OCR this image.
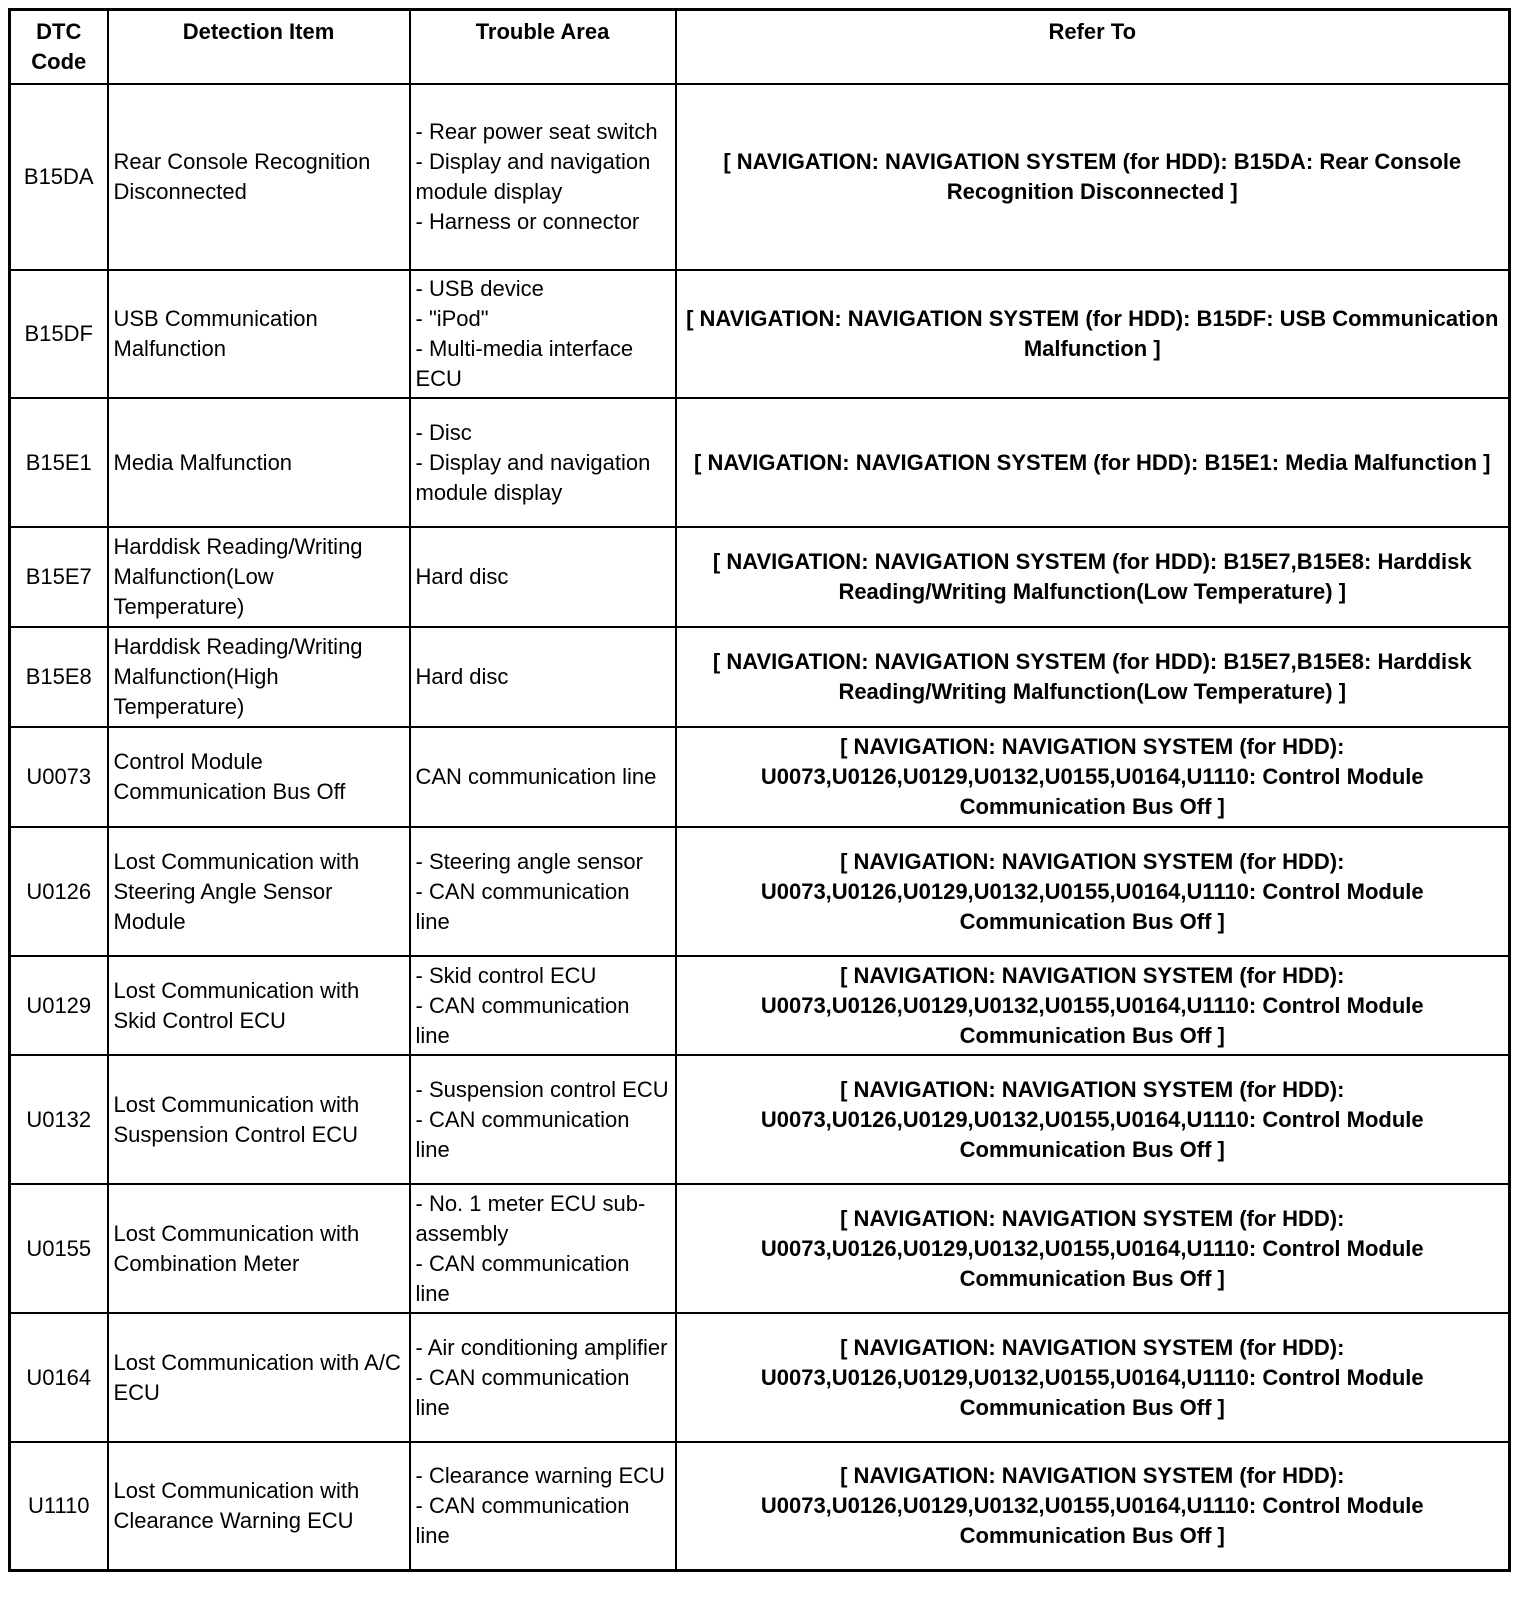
DTC Code	Detection Item	Trouble Area	Refer To
B15DA	Rear Console Recognition Disconnected	- Rear power seat switch
- Display and navigation module display
- Harness or connector	[ NAVIGATION: NAVIGATION SYSTEM (for HDD): B15DA: Rear Console Recognition Disconnected ]
B15DF	USB Communication Malfunction	- USB device
- "iPod"
- Multi-media interface ECU	[ NAVIGATION: NAVIGATION SYSTEM (for HDD): B15DF: USB Communication Malfunction ]
B15E1	Media Malfunction	- Disc
- Display and navigation module display	[ NAVIGATION: NAVIGATION SYSTEM (for HDD): B15E1: Media Malfunction ]
B15E7	Harddisk Reading/Writing Malfunction(Low Temperature)	Hard disc	[ NAVIGATION: NAVIGATION SYSTEM (for HDD): B15E7,B15E8: Harddisk Reading/Writing Malfunction(Low Temperature) ]
B15E8	Harddisk Reading/Writing Malfunction(High Temperature)	Hard disc	[ NAVIGATION: NAVIGATION SYSTEM (for HDD): B15E7,B15E8: Harddisk Reading/Writing Malfunction(Low Temperature) ]
U0073	Control Module Communication Bus Off	CAN communication line	[ NAVIGATION: NAVIGATION SYSTEM (for HDD): U0073,U0126,U0129,U0132,U0155,U0164,U1110: Control Module Communication Bus Off ]
U0126	Lost Communication with Steering Angle Sensor Module	- Steering angle sensor
- CAN communication line	[ NAVIGATION: NAVIGATION SYSTEM (for HDD): U0073,U0126,U0129,U0132,U0155,U0164,U1110: Control Module Communication Bus Off ]
U0129	Lost Communication with Skid Control ECU	- Skid control ECU
- CAN communication line	[ NAVIGATION: NAVIGATION SYSTEM (for HDD): U0073,U0126,U0129,U0132,U0155,U0164,U1110: Control Module Communication Bus Off ]
U0132	Lost Communication with Suspension Control ECU	- Suspension control ECU
- CAN communication line	[ NAVIGATION: NAVIGATION SYSTEM (for HDD): U0073,U0126,U0129,U0132,U0155,U0164,U1110: Control Module Communication Bus Off ]
U0155	Lost Communication with Combination Meter	- No. 1 meter ECU sub-assembly
- CAN communication line	[ NAVIGATION: NAVIGATION SYSTEM (for HDD): U0073,U0126,U0129,U0132,U0155,U0164,U1110: Control Module Communication Bus Off ]
U0164	Lost Communication with A/C ECU	- Air conditioning amplifier
- CAN communication line	[ NAVIGATION: NAVIGATION SYSTEM (for HDD): U0073,U0126,U0129,U0132,U0155,U0164,U1110: Control Module Communication Bus Off ]
U1110	Lost Communication with Clearance Warning ECU	- Clearance warning ECU
- CAN communication line	[ NAVIGATION: NAVIGATION SYSTEM (for HDD): U0073,U0126,U0129,U0132,U0155,U0164,U1110: Control Module Communication Bus Off ]
